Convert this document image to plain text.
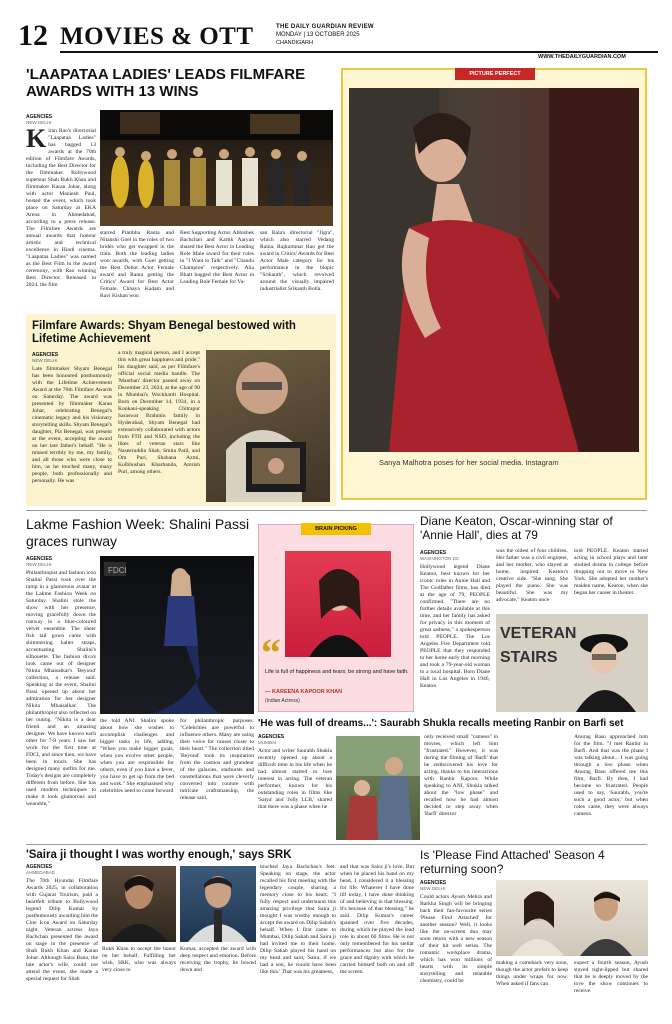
12 MOVIES & OTT	THE DAILY GUARDIAN REVIEW
MONDAY | 13 OCTOBER 2025
CHANDIGARH
WWW.THEDAILYGUARDIAN.COM
'LAAPATAA LADIES' LEADS FILMFARE AWARDS WITH 13 WINS
AGENCIES
NEW DELHI
Kiran Rao's directorial "Laapataa Ladies" has bagged 13 awards at the 70th edition of Filmfare Awards, including the Best Director for the filmmaker. Bollywood superstar Shah Rukh Khan and filmmaker Karan Johar, along with actor Maniesh Paul, hosted the event, which took place on Saturday at EKA Arena in Ahmedabad, according to a press release. The Filmfare Awards are annual awards that honour artistic and technical excellence in Hindi cinema. "Laapataa Ladies" was named as the Best Film in the award ceremony, with Rao winning Best Director. Released in 2024, the film
starred Pratibha Ranta and Nitanshi Goel in the roles of two brides who get swapped in the train. Both the leading ladies won awards, with Goel getting the Best Debut Actor Female award and Ranta getting the Critics' Award for Best Actor Female. Chhaya Kadam and Ravi Kishan won
Best Supporting Actor. Abhishek Bachchan and Kartik Aaryan shared the Best Actor in Leading Role Male award for their roles in "I Want to Talk" and "Chandu Champion" respectively. Alia Bhatt bagged the Best Actor in Leading Role Female for Va-
san Bala's directorial "Jigra", which also starred Vedang Raina. Rajkummar Rao got the award in Critics' Awards for Best Actor Male category for his performance in the biopic "Srikanth", which revolved around the visually impaired industrialist Srikanth Bolla.
Filmfare Awards: Shyam Benegal bestowed with Lifetime Achievement
AGENCIES
NEW DELHI
Late filmmaker Shyam Benegal has been honoured posthumously with the Lifetime Achievement Award at the 70th Filmfare Awards on Saturday. The award was presented by filmmaker Karan Johar, celebrating Benegal's cinematic legacy and his visionary storytelling skills. Shyam Benegal's daughter, Pia Benegal, was present at the event, accepting the award on her late father's behalf. "He is missed terribly by me, my family, and all those who were close to him, as he touched many, many people, both professionally and personally. He was
a truly magical person, and I accept this with great happiness and pride," his daughter said, as per Filmfare's official social media handle. The 'Manthan' director passed away on December 23, 2024, at the age of 90 in Mumbai's Wockhardt Hospital. Born on December 14, 1934, in a Konkani-speaking Chitrapur Saraswat Brahmin family in Hyderabad, Shyam Benegal had extensively collaborated with actors from FTII and NSD, including the likes of veteran stars like Naseeruddin Shah, Smita Patil, and Om Puri, Shabana Azmi, Kulbhushan Kharbanda, Amrish Puri, among others.
PICTURE PERFECT
Sanya Malhotra poses for her social media. Instagram
Lakme Fashion Week: Shalini Passi graces runway
AGENCIES
NEW DELHI
Philanthropist and fashion icon Shalini Passi took over the ramp in a glamorous avatar at the Lakme Fashion Week on Saturday. Shalini stole the show with her presence, moving gracefully down the runway in a blue-coloured velvet ensemble. The sheer fish tail gown came with shimmering halter straps, accentuating Shalini's silhouette. The fashion diva's look came out of designer Nikita Mhaisalkar's 'Beyond' collection, a release said. Speaking at the event, Shalini Passi opened up about her admiration for her designer Nikita Mhaisalkar. The philanthropist also reflected on her outing. "Nikita is a dear friend and an amazing designer. We have known each other for 7-8 years. I saw her work for the first time at FDCI, and since then, we have been in touch. She has designed many outfits for me. Today's designs are completely different from before. She has used modern techniques to make it look glamorous and wearable,"
FDCI
the told ANI. Shalini spoke about how she wishes to accomplish challenges and bigger tasks in life, adding, "When you make bigger goals, when you evolve other people, when you are responsible for others, even if you have a fever, you have to get up from the bed and work." She emphasised why celebrities need to come forward
for philanthropic purposes. "Celebrities are powerful to influence others. Many are using their voice for causes closer to their heart." The collection titled 'Beyond' took its inspiration from the cosmos and grandeur of the galaxies, starbursts and constellations that were cleverly converted into couture with intricate craftsmanship, the release said.
BRAIN PICKING
“
Life is full of happiness and tears; be strong and have faith.
— KAREENA KAPOOR KHAN
(Indian Actress)
Diane Keaton, Oscar-winning star of 'Annie Hall', dies at 79
AGENCIES
WASHINGTON DC
Hollywood legend Diane Keaton, best known for her iconic roles in Annie Hall and The Godfather films, has died at the age of 79, PEOPLE confirmed. "There are no further details available at this time, and her family has asked for privacy in this moment of great sadness," a spokesperson told PEOPLE. The Los Angeles Fire Department told PEOPLE that they responded to her home early that morning and took a 79-year-old woman to a local hospital. Born Diane Hall in Los Angeles in 1946, Keaton
was the oldest of four children. Her father was a civil engineer, and her mother, who stayed at home, inspired Keaton's creative side. "She sang. She played the piano. She was beautiful. She was my advocate," Keaton once
told PEOPLE. Keaton started acting in school plays and later studied drama in college before dropping out to move to New York. She adopted her mother's maiden name, Keaton, when she began her career in theater.
VETERAN
STAIRS
'He was full of dreams...': Saurabh Shukla recalls meeting Ranbir on Barfi set
AGENCIES
MUMBAI
Actor and writer Saurabh Shukla recently opened up about a difficult time in his life when he had almost started to lose interest in acting. The veteran performer, known for his outstanding roles in films like 'Satya' and 'Jolly LLB,' shared that there was a phase when he
only received small "cameos" in movies, which left him "frustrated." However, it was during the filming of 'Barfi' that he rediscovered his love for acting, thanks to his interactions with Ranbir Kapoor. While speaking to ANI, Shukla talked about the "low phase" and recalled how he had almost decided to step away when 'Barfi' director
Anurag Basu approached him for the film. "I met Ranbir in Barfi. And that was the phase I was talking about... I was going through a low phase when Anurag Basu offered me this film, Barfi. By then, I had become so frustrated. People used to say, 'Saurabh, you're such a good actor,' but when roles came, they were always cameos.
'Saira ji thought I was worthy enough,' says SRK
AGENCIES
AHMEDABAD
The 70th Hyundai Filmfare Awards 2025, in collaboration with Gujarat Tourism, paid a heartfelt tribute to Bollywood legend Dilip Kumar by posthumously awarding him the Cine Icon Award on Saturday night. Veteran actress Jaya Bachchan presented the award on stage in the presence of Shah Rukh Khan and Karan Johar. Although Saira Banu, the late actor's wife, could not attend the event, she made a special request for Shah
Rukh Khan to accept the honor on her behalf. Fulfilling her wish, SRK, who was always very close to
Kumar, accepted the award with deep respect and emotion. Before receiving the trophy, he bowed down and
touched Jaya Bachchan's feet. Speaking on stage, the actor recalled his first meeting with the legendary couple, sharing a memory close to his heart. "I fully respect and understand this amazing privilege that Saira ji thought I was worthy enough to accept the award on Dilip Sahab's behalf. When I first came to Mumbai, Dilip Sahab and Saira ji had invited me to their home. Dilip Sahab played his hand on my head and said, 'Saira, if we had a son, he would have been like this.' That was his greatness,
and that was Saira ji's love. But when he placed his hand on my head, I considered it a blessing for life. Whatever I have done till today, I have done thinking of and believing in that blessing. It's because of that blessing," he said. Dilip Kumar's career spanned over five decades, during which he played the lead role in about 60 films. He is not only remembered for his stellar performances but also for the grace and dignity with which he carried himself both on and off the screen.
Is 'Please Find Attached' Season 4 returning soon?
AGENCIES
NEW DELHI
Could actors Ayush Mehra and Barkha Singh will be bringing back their fan-favourite series 'Please Find Attached' for another season? Well, it looks like the on-screen duo may soon return with a new season of their hit web series. The romantic workplace drama, which has won millions of hearts with its simple storytelling and relatable chemistry, could be
making a comeback very soon, though the actor prefers to keep things under wraps for now. When asked if fans can
expect a fourth season, Ayush stayed tight-lipped but shared that he is deeply moved by the love the show continues to receive.
